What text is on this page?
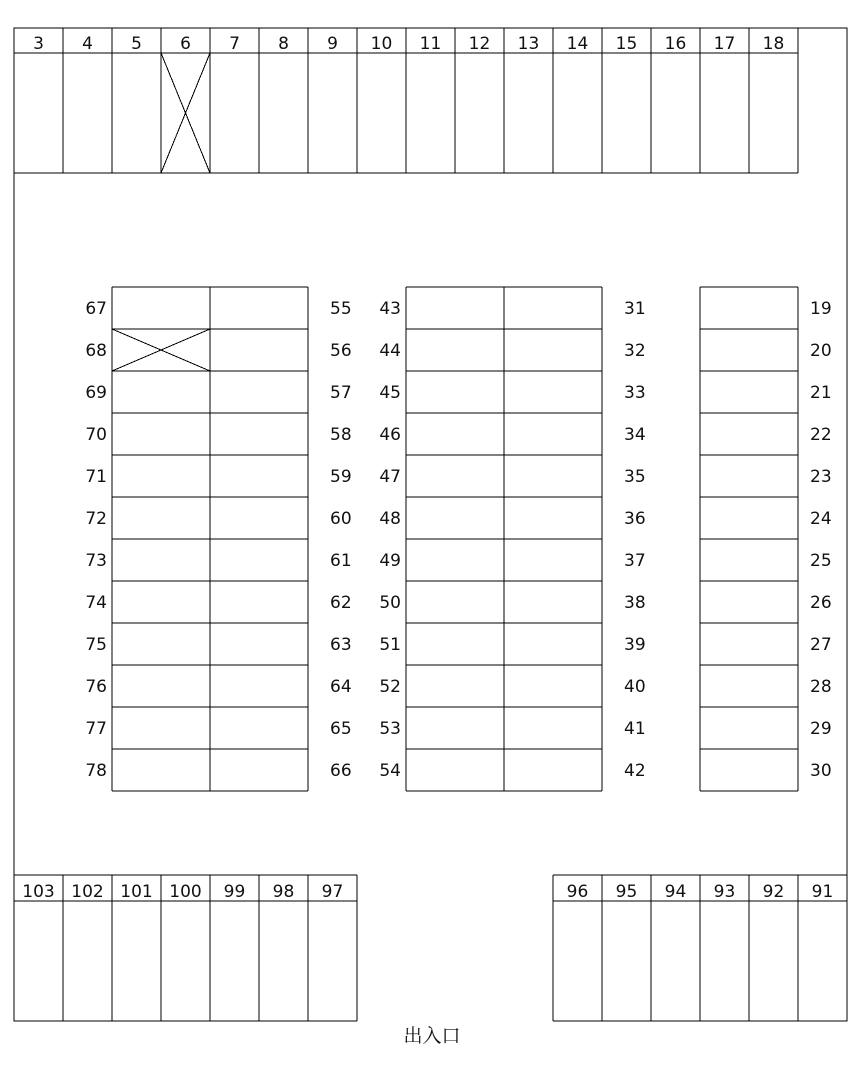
3 4 5 6 7 8 9 10 11 12 13 14 15 16 17 18
67	55
68	56
69	57
70	58
71	59
72	60
73	61
74	62
75	63
76	64
77	65
78	66
43	31
44	32
45	33
46	34
47	35
48	36
49	37
50	38
51	39
52	40
53	41
54	42
19
20
21
22
23
24
25
26
27
28
29
30
103 102 101 100 99 98 97	96 95 94 93 92 91
出入口
